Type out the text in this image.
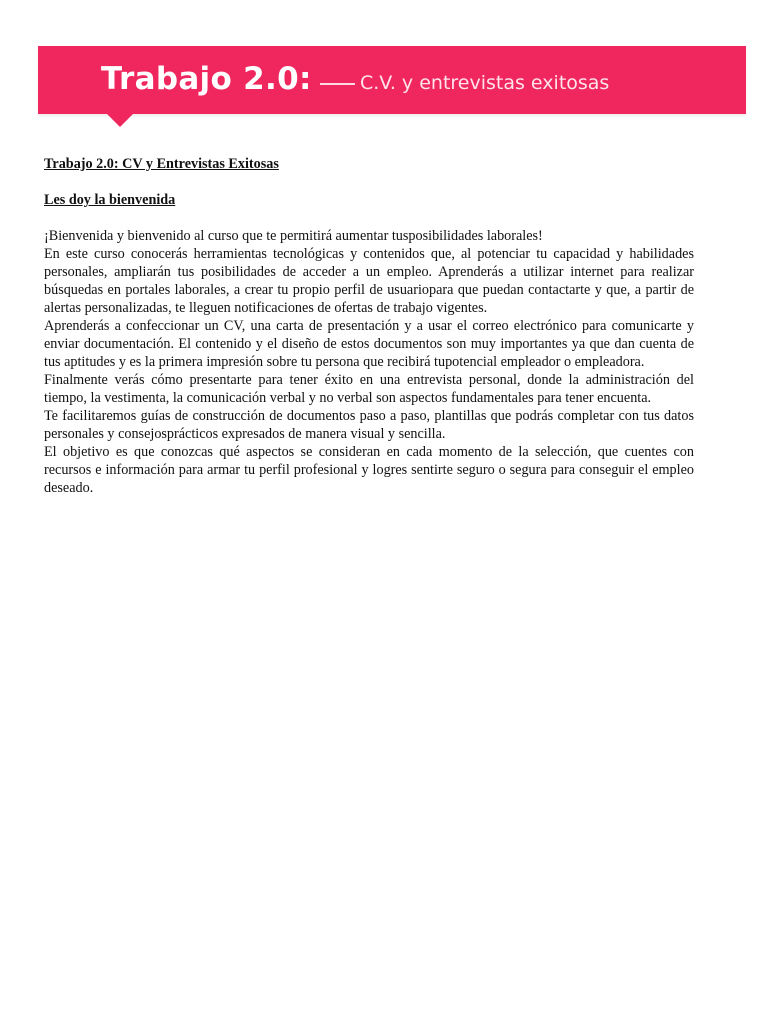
Trabajo 2.0:	C.V. y entrevistas exitosas

Trabajo 2.0: CV y Entrevistas Exitosas

Les doy la bienvenida

¡Bienvenida y bienvenido al curso que te permitirá aumentar tusposibilidades laborales!

En este curso conocerás herramientas tecnológicas y contenidos que, al potenciar tu capacidad y habilidades personales, ampliarán tus posibilidades de acceder a un empleo. Aprenderás a utilizar internet para realizar búsquedas en portales laborales, a crear tu propio perfil de usuariopara que puedan contactarte y que, a partir de alertas personalizadas, te lleguen notificaciones de ofertas de trabajo vigentes.

Aprenderás a confeccionar un CV, una carta de presentación y a usar el correo electrónico para comunicarte y enviar documentación. El contenido y el diseño de estos documentos son muy importantes ya que dan cuenta de tus aptitudes y es la primera impresión sobre tu persona que recibirá tupotencial empleador o empleadora.

Finalmente verás cómo presentarte para tener éxito en una entrevista personal, donde la administración del tiempo, la vestimenta, la comunicación verbal y no verbal son aspectos fundamentales para tener encuenta.

Te facilitaremos guías de construcción de documentos paso a paso, plantillas que podrás completar con tus datos personales y consejosprácticos expresados de manera visual y sencilla.

El objetivo es que conozcas qué aspectos se consideran en cada momento de la selección, que cuentes con recursos e información para armar tu perfil profesional y logres sentirte seguro o segura para conseguir el empleo deseado.
